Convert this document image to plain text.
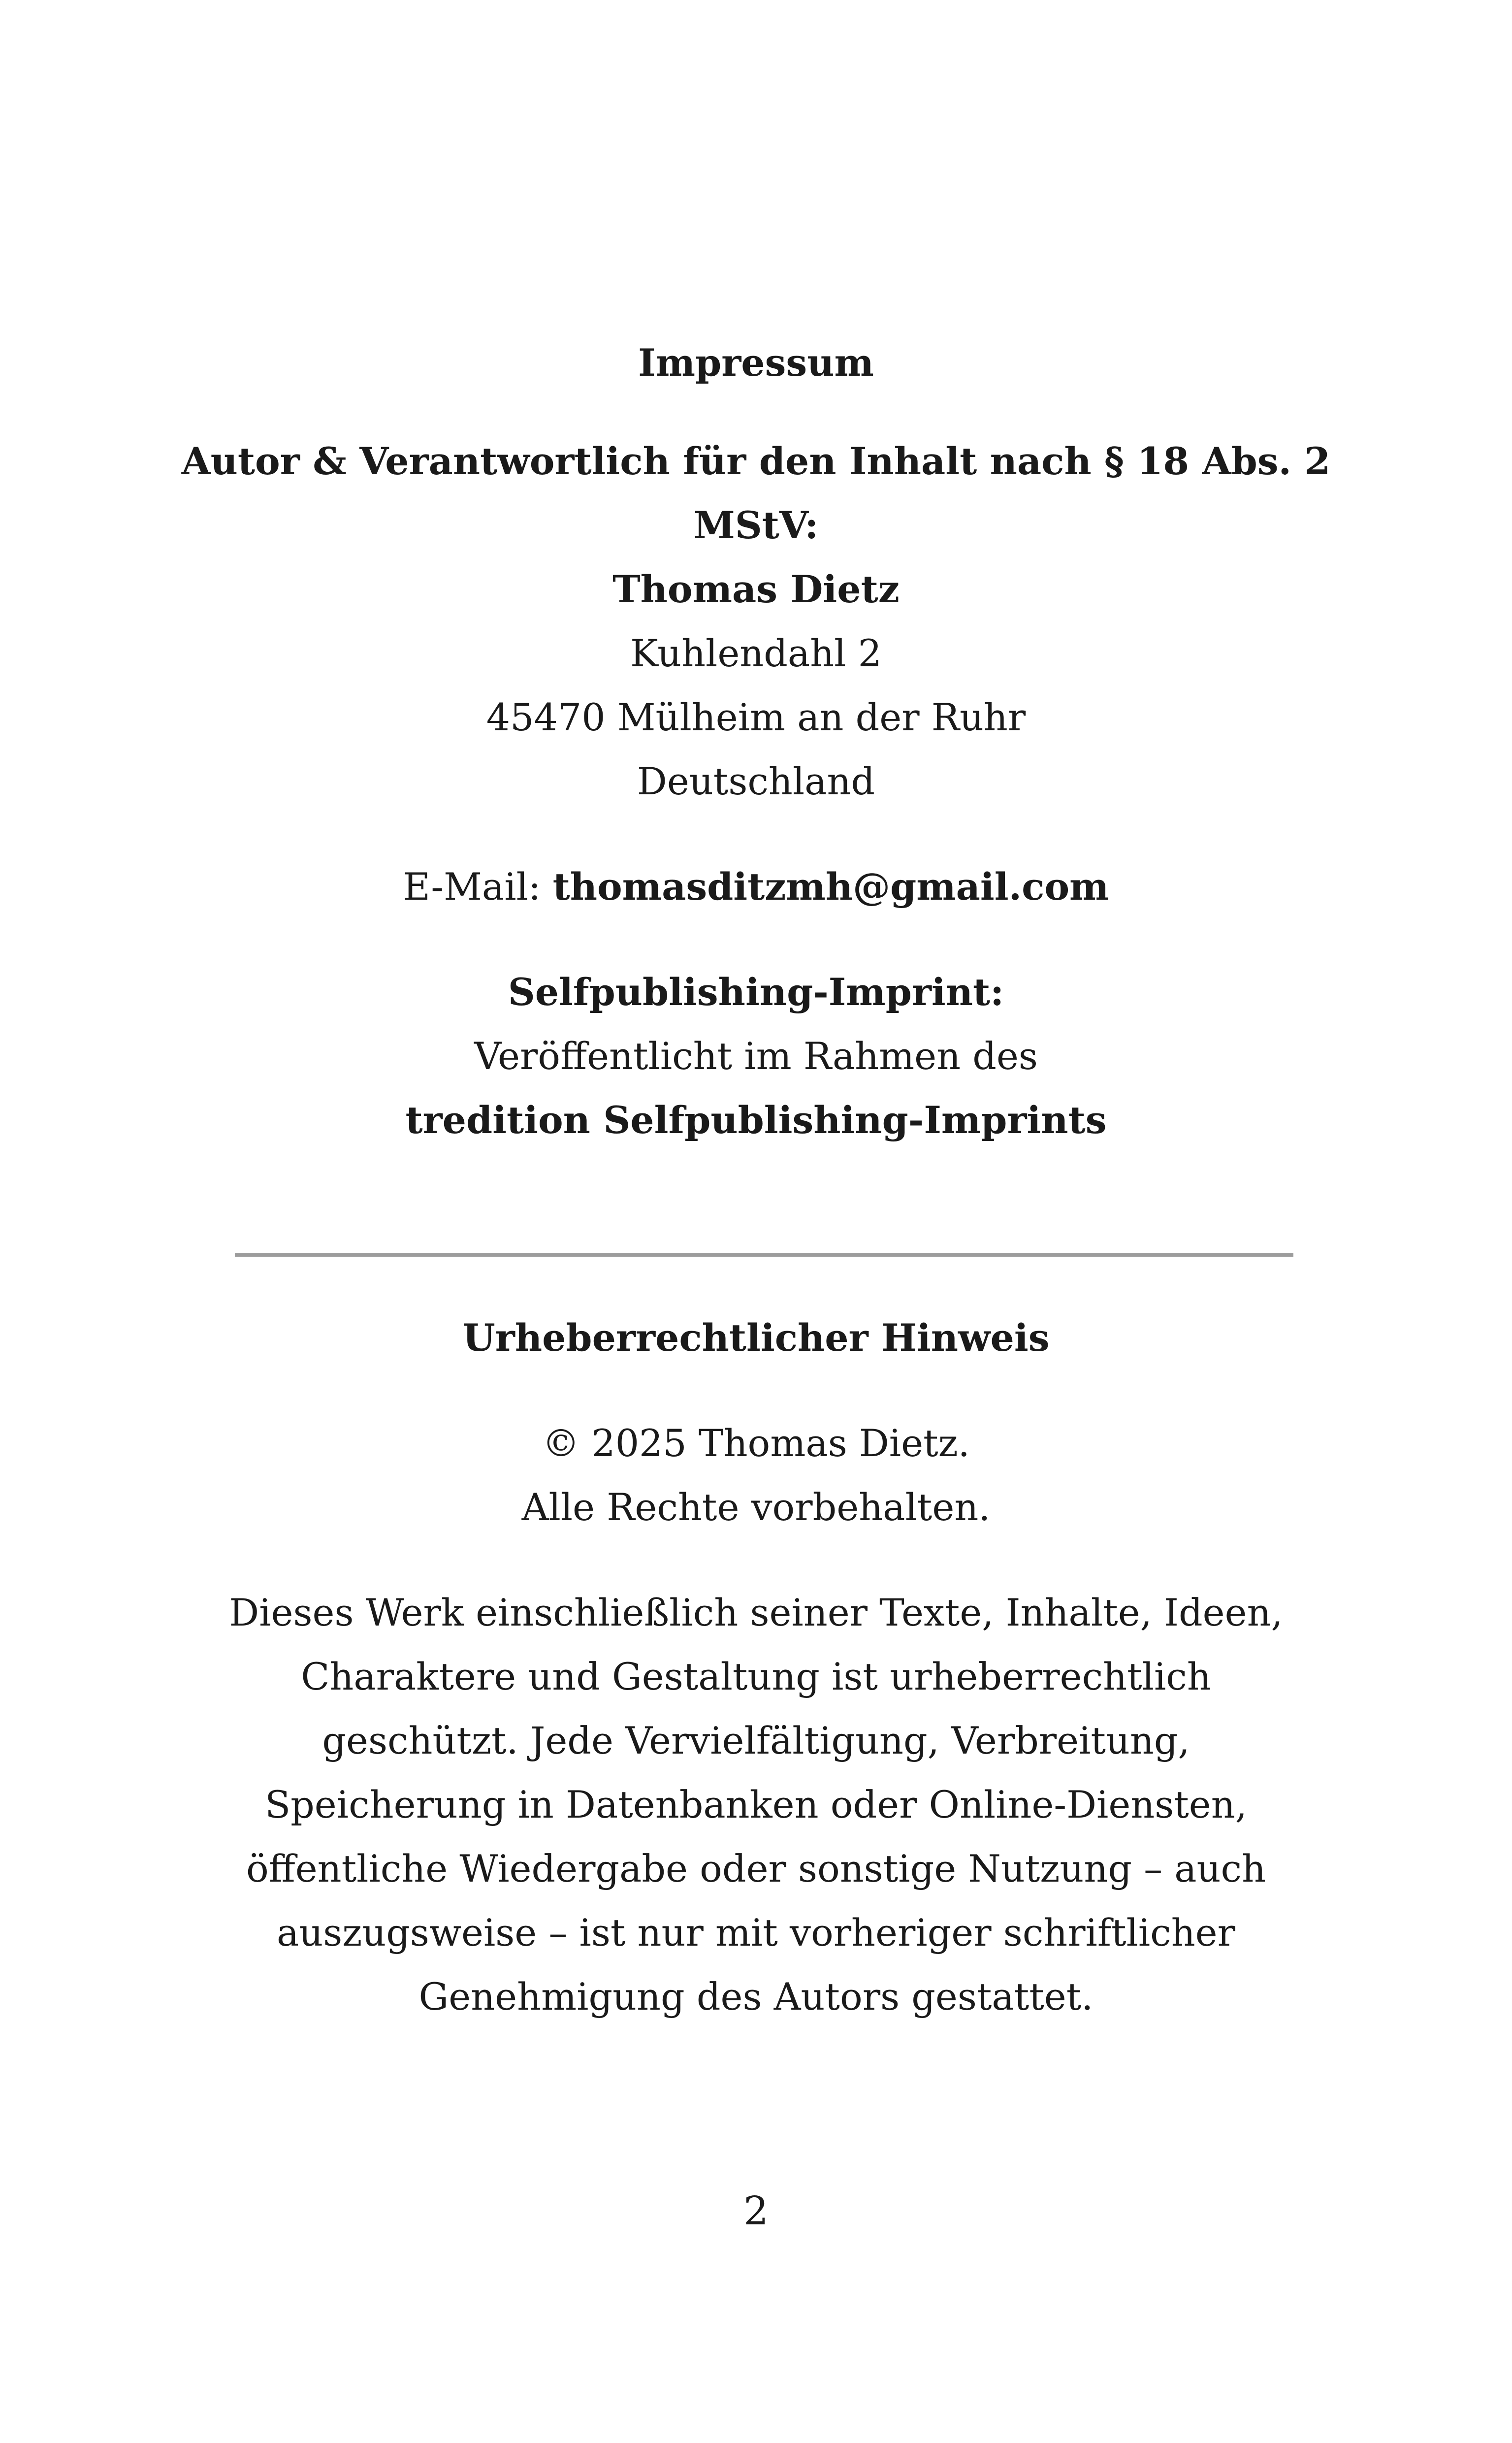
Impressum
Autor & Verantwortlich für den Inhalt nach § 18 Abs. 2
MStV:
Thomas Dietz
Kuhlendahl 2
45470 Mülheim an der Ruhr
Deutschland
E-Mail: thomasditzmh@gmail.com
Selfpublishing-Imprint:
Veröffentlicht im Rahmen des
tredition Selfpublishing-Imprints
Urheberrechtlicher Hinweis
© 2025 Thomas Dietz.
Alle Rechte vorbehalten.
Dieses Werk einschließlich seiner Texte, Inhalte, Ideen,
Charaktere und Gestaltung ist urheberrechtlich
geschützt. Jede Vervielfältigung, Verbreitung,
Speicherung in Datenbanken oder Online-Diensten,
öffentliche Wiedergabe oder sonstige Nutzung – auch
auszugsweise – ist nur mit vorheriger schriftlicher
Genehmigung des Autors gestattet.
2
